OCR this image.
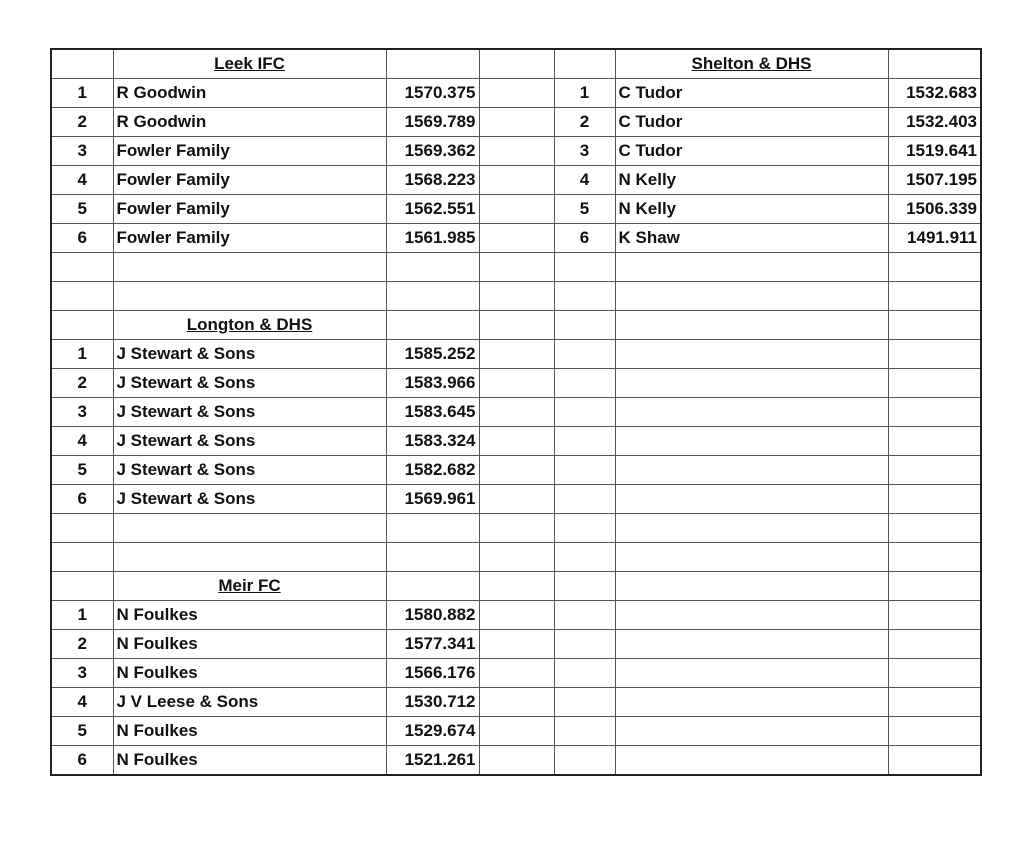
	Leek IFC				Shelton & DHS	
1	R Goodwin	1570.375		1	C Tudor	1532.683
2	R Goodwin	1569.789		2	C Tudor	1532.403
3	Fowler Family	1569.362		3	C Tudor	1519.641
4	Fowler Family	1568.223		4	N Kelly	1507.195
5	Fowler Family	1562.551		5	N Kelly	1506.339
6	Fowler Family	1561.985		6	K Shaw	1491.911

	Longton & DHS					
1	J Stewart & Sons	1585.252				
2	J Stewart & Sons	1583.966				
3	J Stewart & Sons	1583.645				
4	J Stewart & Sons	1583.324				
5	J Stewart & Sons	1582.682				
6	J Stewart & Sons	1569.961				

	Meir FC					
1	N Foulkes	1580.882				
2	N Foulkes	1577.341				
3	N Foulkes	1566.176				
4	J V Leese & Sons	1530.712				
5	N Foulkes	1529.674				
6	N Foulkes	1521.261				
